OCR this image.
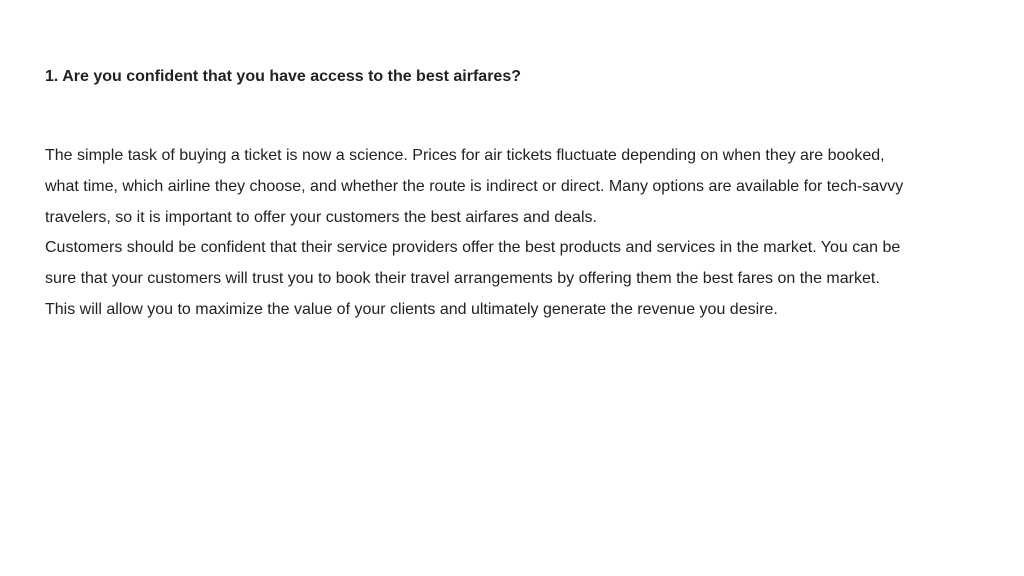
1. Are you confident that you have access to the best airfares?

The simple task of buying a ticket is now a science. Prices for air tickets fluctuate depending on when they are booked,
what time, which airline they choose, and whether the route is indirect or direct. Many options are available for tech-savvy
travelers, so it is important to offer your customers the best airfares and deals.

Customers should be confident that their service providers offer the best products and services in the market. You can be
sure that your customers will trust you to book their travel arrangements by offering them the best fares on the market.
This will allow you to maximize the value of your clients and ultimately generate the revenue you desire.
